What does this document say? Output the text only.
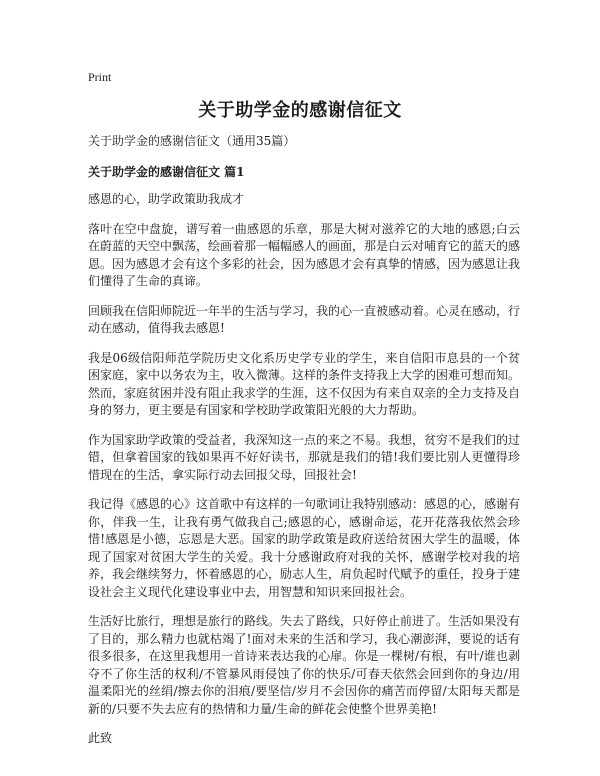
Print
关于助学金的感谢信征文

关于助学金的感谢信征文（通用35篇）

关于助学金的感谢信征文 篇1

感恩的心，助学政策助我成才

落叶在空中盘旋，谱写着一曲感恩的乐章，那是大树对滋养它的大地的感恩;白云在蔚蓝的天空中飘荡，绘画着那一幅幅感人的画面，那是白云对哺育它的蓝天的感恩。因为感恩才会有这个多彩的社会，因为感恩才会有真挚的情感，因为感恩让我们懂得了生命的真谛。

回顾我在信阳师院近一年半的生活与学习，我的心一直被感动着。心灵在感动，行动在感动，值得我去感恩!

我是06级信阳师范学院历史文化系历史学专业的学生，来自信阳市息县的一个贫困家庭，家中以务农为主，收入微薄。这样的条件支持我上大学的困难可想而知。然而，家庭贫困并没有阻止我求学的生涯，这不仅因为有来自双亲的全力支持及自身的努力，更主要是有国家和学校助学政策阳光般的大力帮助。

作为国家助学政策的受益者，我深知这一点的来之不易。我想，贫穷不是我们的过错，但拿着国家的钱如果再不好好读书，那就是我们的错!我们要比别人更懂得珍惜现在的生活，拿实际行动去回报父母，回报社会!

我记得《感恩的心》这首歌中有这样的一句歌词让我特别感动：感恩的心，感谢有你，伴我一生，让我有勇气做我自己;感恩的心，感谢命运，花开花落我依然会珍惜!感恩是小德，忘恩是大恶。国家的助学政策是政府送给贫困大学生的温暖，体现了国家对贫困大学生的关爱。我十分感谢政府对我的关怀，感谢学校对我的培养，我会继续努力，怀着感恩的心，励志人生，肩负起时代赋予的重任，投身于建设社会主义现代化建设事业中去，用智慧和知识来回报社会。

生活好比旅行，理想是旅行的路线。失去了路线，只好停止前进了。生活如果没有了目的，那么精力也就枯竭了!面对未来的生活和学习，我心潮澎湃，要说的话有很多很多，在这里我想用一首诗来表达我的心扉。你是一棵树/有根，有叶/谁也剥夺不了你生活的权利/不管暴风雨侵蚀了你的快乐/可春天依然会回到你的身边/用温柔阳光的丝绢/擦去你的泪痕/要坚信/岁月不会因你的痛苦而停留/太阳每天都是新的/只要不失去应有的热情和力量/生命的鲜花会使整个世界美艳!

此致
